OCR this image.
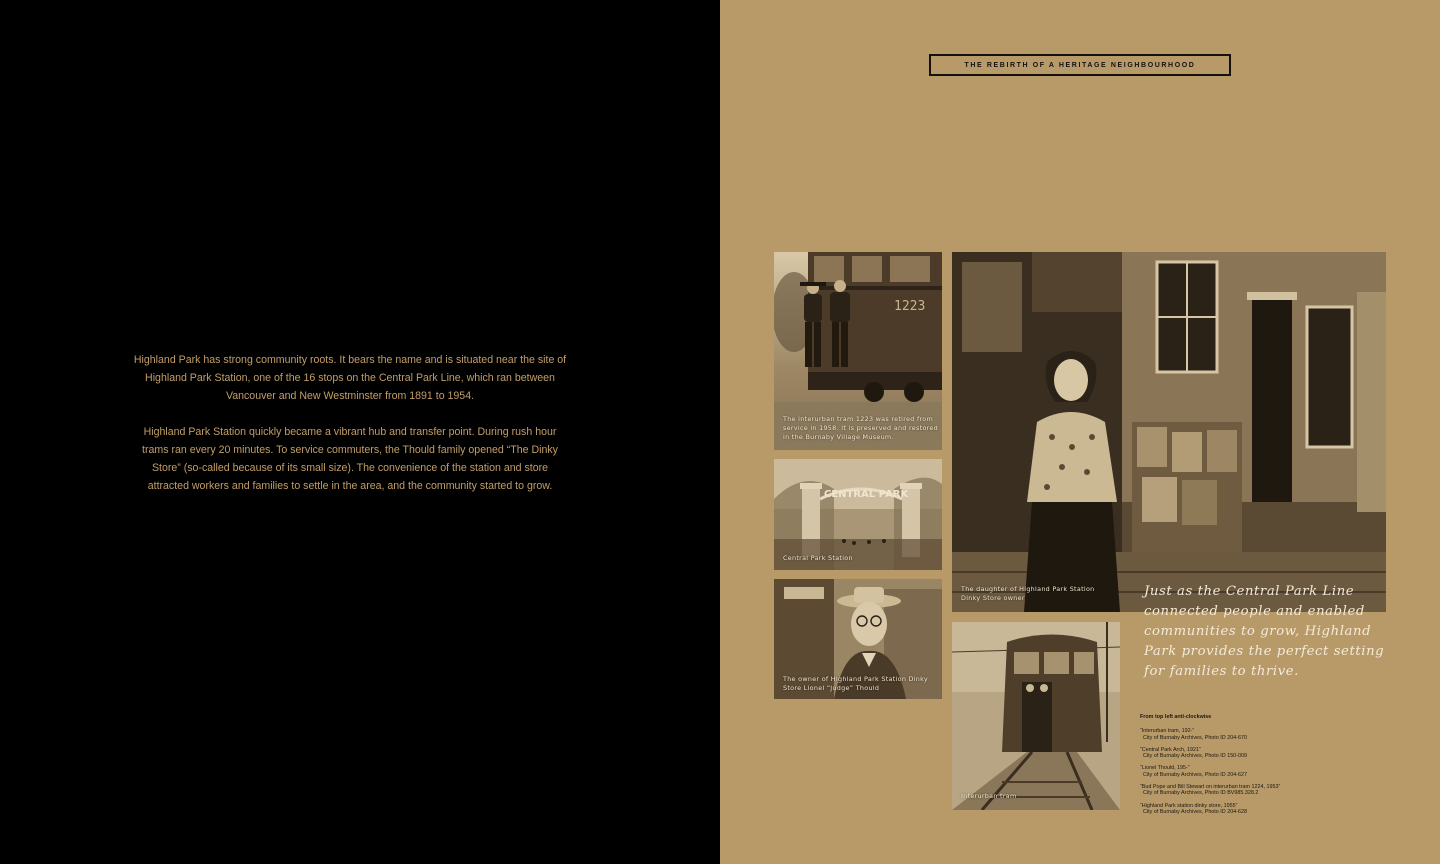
Highland Park has strong community roots. It bears the name and is situated near the site of Highland Park Station, one of the 16 stops on the Central Park Line, which ran between Vancouver and New Westminster from 1891 to 1954.

Highland Park Station quickly became a vibrant hub and transfer point. During rush hour trams ran every 20 minutes. To service commuters, the Thould family opened “The Dinky Store” (so-called because of its small size). The convenience of the station and store attracted workers and families to settle in the area, and the community started to grow.

THE REBIRTH OF A HERITAGE NEIGHBOURHOOD
1223
The interurban tram 1223 was retired from service in 1958. It is preserved and restored in the Burnaby Village Museum.
CENTRAL PARK
Central Park Station
The owner of Highland Park Station Dinky Store Lionel “Judge” Thould
The daughter of Highland Park Station Dinky Store owner
Interurban tram

Just as the Central Park Line connected people and enabled communities to grow, Highland Park provides the perfect setting for families to thrive.

From top left anti-clockwise
“Interurban tram, 192-”
City of Burnaby Archives, Photo ID 204-670
“Central Park Arch, 1921”
City of Burnaby Archives, Photo ID 150-009
“Lionel Thould, 195-”
City of Burnaby Archives, Photo ID 204-627
“Bud Pope and Bill Stewart on interurban tram 1224, 1953”
City of Burnaby Archives, Photo ID BV985.328.2
“Highland Park station dinky store, 1955”
City of Burnaby Archives, Photo ID 204-628
